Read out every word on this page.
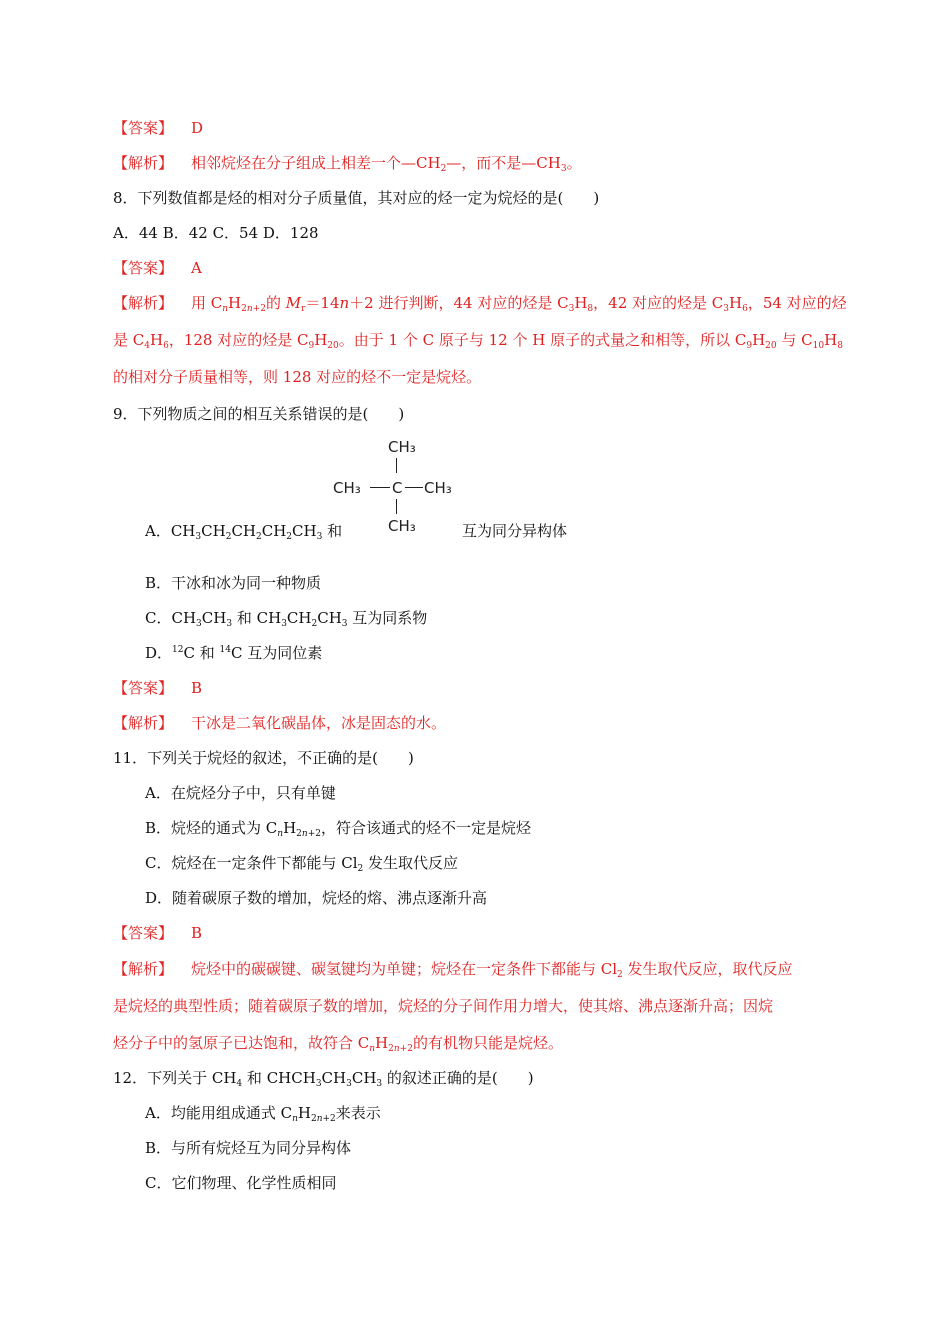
【答案】 D
【解析】 相邻烷烃在分子组成上相差一个$—CH_2—$，而不是$—CH_3$。
8．下列数值都是烃的相对分子质量值，其对应的烃一定为烷烃的是(　　)
A．44 B．42 C．54 D．128
【答案】 A
【解析】 用 $C_nH_{2n+2}$的 $M_r=14n+2$ 进行判断，44 对应的烃是 $C_3H_8$，42 对应的烃是 $C_3H_6$，54 对应的烃
是 $C_4H_6$，128 对应的烃是 $C_9H_{20}$。由于 1 个 C 原子与 12 个 H 原子的式量之和相等，所以 $C_9H_{20}$ 与 $C_{10}H_8$
的相对分子质量相等，则 128 对应的烃不一定是烷烃。
9．下列物质之间的相互关系错误的是(　　)
CH₃
CH₃ C CH₃
CH₃
A．$CH_3CH_2CH_2CH_2CH_3$ 和	互为同分异构体
B．干冰和冰为同一种物质
C．$CH_3CH_3$ 和 $CH_3CH_2CH_3$ 互为同系物
D．$^{12}$C 和 $^{14}$C 互为同位素
【答案】 B
【解析】 干冰是二氧化碳晶体，冰是固态的水。
11．下列关于烷烃的叙述，不正确的是(　　)
A．在烷烃分子中，只有单键
B．烷烃的通式为 $C_nH_{2n+2}$，符合该通式的烃不一定是烷烃
C．烷烃在一定条件下都能与 $Cl_2$ 发生取代反应
D．随着碳原子数的增加，烷烃的熔、沸点逐渐升高
【答案】 B
【解析】 烷烃中的碳碳键、碳氢键均为单键；烷烃在一定条件下都能与 $Cl_2$ 发生取代反应，取代反应
是烷烃的典型性质；随着碳原子数的增加，烷烃的分子间作用力增大，使其熔、沸点逐渐升高；因烷
烃分子中的氢原子已达饱和，故符合 $C_nH_{2n+2}$的有机物只能是烷烃。
12．下列关于 $CH_4$ 和 $CHCH_3CH_3CH_3$ 的叙述正确的是(　　)
A．均能用组成通式 $C_nH_{2n+2}$来表示
B．与所有烷烃互为同分异构体
C．它们物理、化学性质相同
